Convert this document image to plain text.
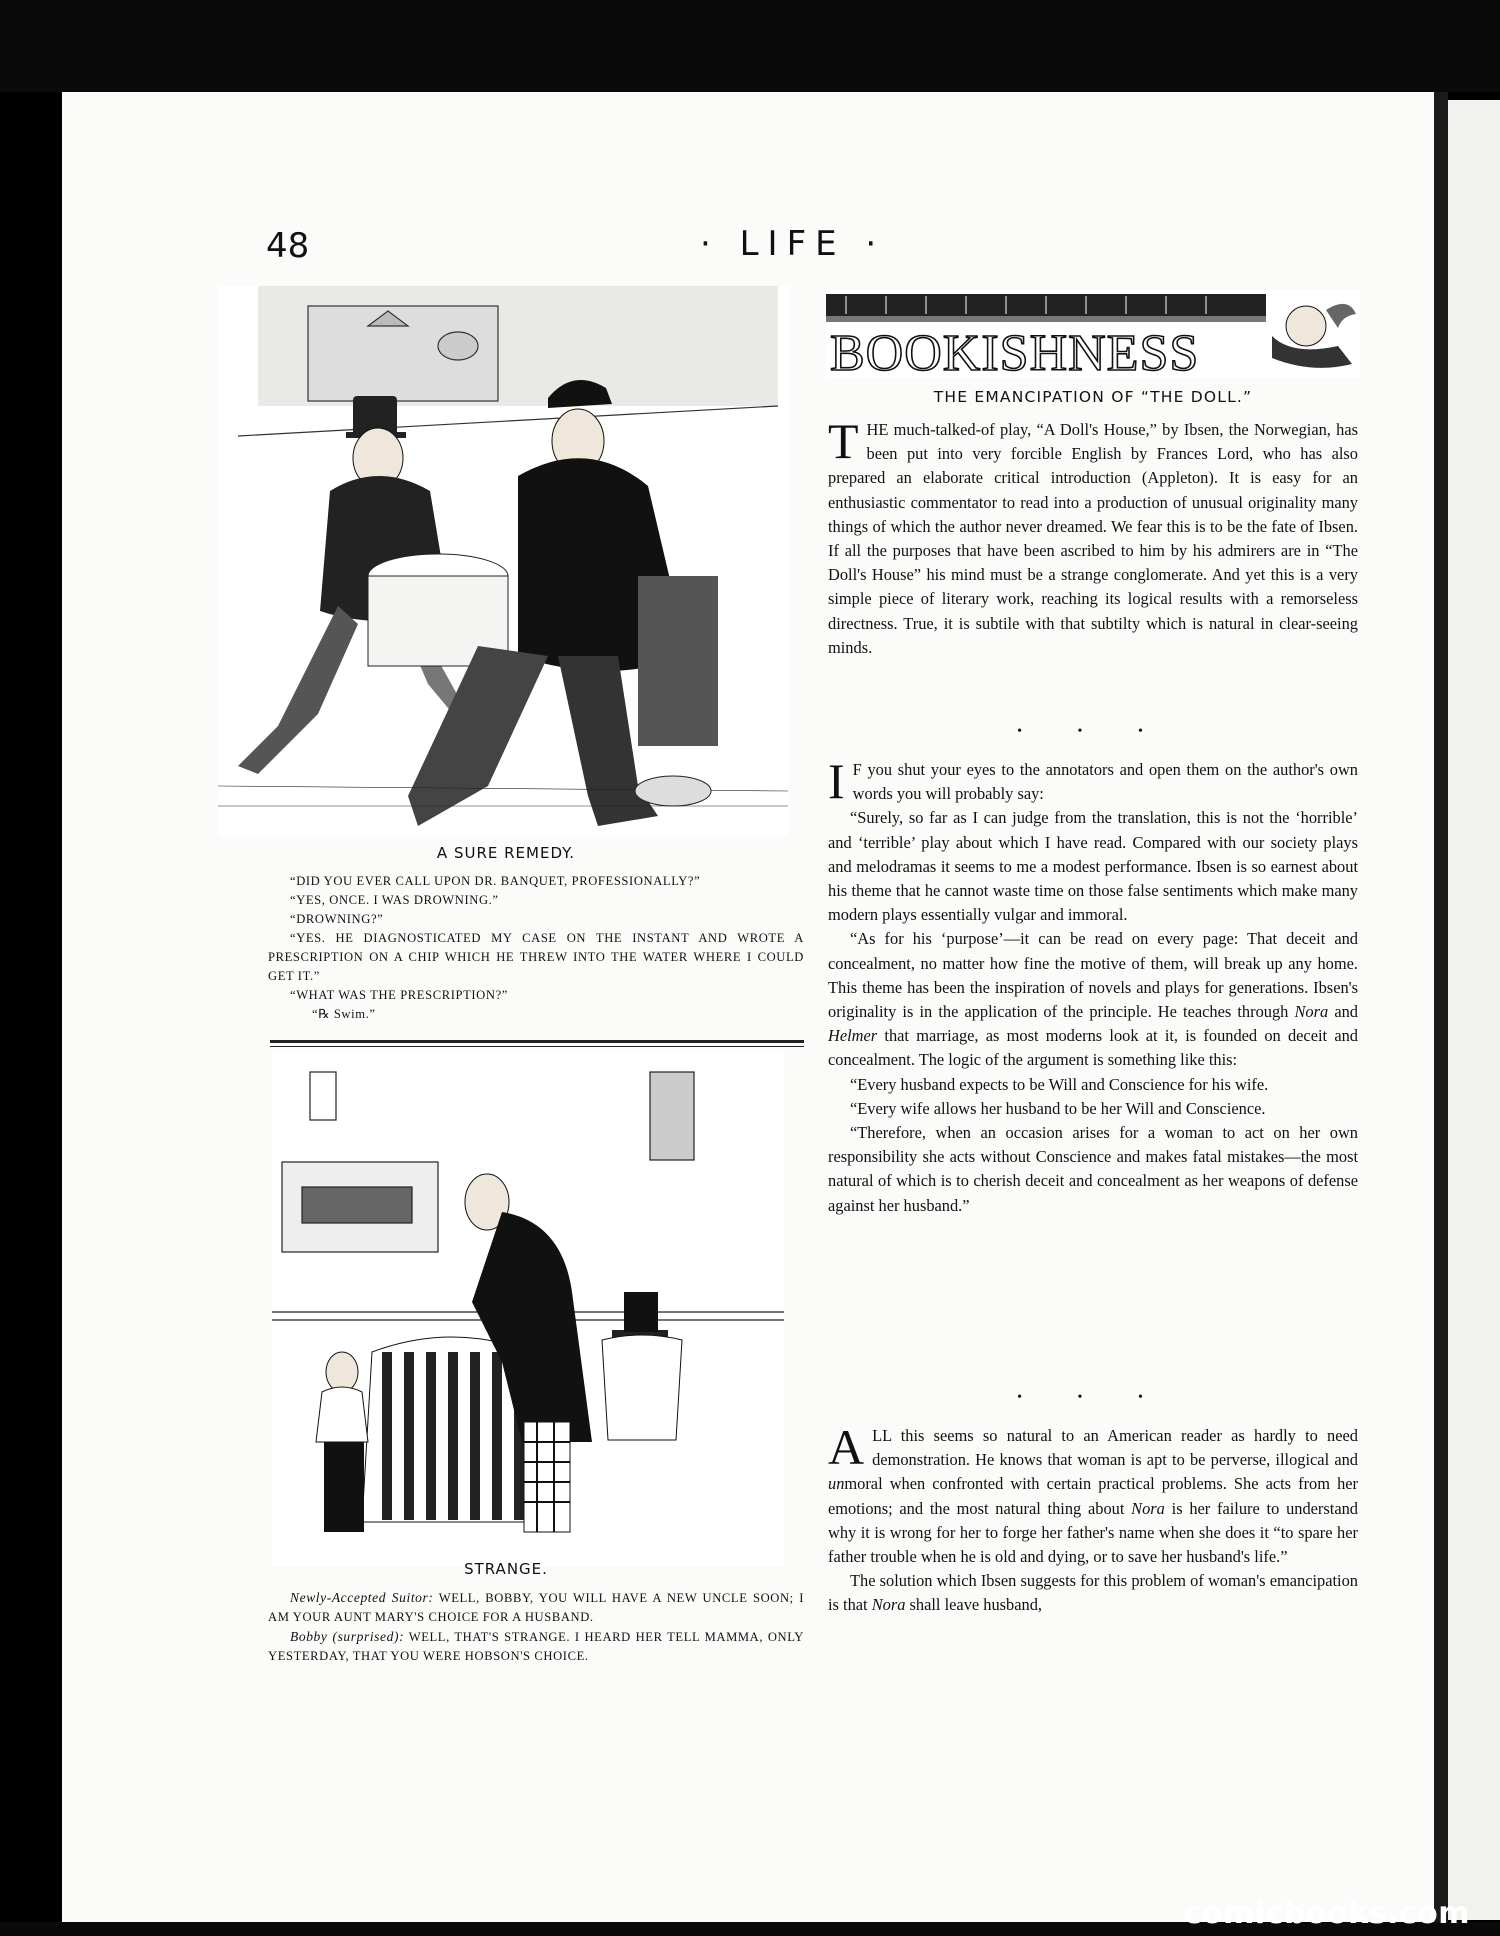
comicbooks.com
48	· LIFE ·
A SURE REMEDY.

“DID YOU EVER CALL UPON DR. BANQUET, PROFESSIONALLY?”

“YES, ONCE. I WAS DROWNING.”

“DROWNING?”

“YES. HE DIAGNOSTICATED MY CASE ON THE INSTANT AND WROTE A PRESCRIPTION ON A CHIP WHICH HE THREW INTO THE WATER WHERE I COULD GET IT.”

“WHAT WAS THE PRESCRIPTION?”

“℞ Swim.”

STRANGE.

Newly-Accepted Suitor: WELL, BOBBY, YOU WILL HAVE A NEW UNCLE SOON; I AM YOUR AUNT MARY'S CHOICE FOR A HUSBAND.

Bobby (surprised): WELL, THAT'S STRANGE. I HEARD HER TELL MAMMA, ONLY YESTERDAY, THAT YOU WERE HOBSON'S CHOICE.

BOOKISHNESS
THE EMANCIPATION OF “THE DOLL.”

THE much-talked-of play, “A Doll's House,” by Ibsen, the Norwegian, has been put into very forcible English by Frances Lord, who has also prepared an elaborate critical introduction (Appleton). It is easy for an enthusiastic commentator to read into a production of unusual originality many things of which the author never dreamed. We fear this is to be the fate of Ibsen. If all the purposes that have been ascribed to him by his admirers are in “The Doll's House” his mind must be a strange conglomerate. And yet this is a very simple piece of literary work, reaching its logical results with a remorseless directness. True, it is subtile with that subtilty which is natural in clear-seeing minds.

• • •

I F you shut your eyes to the annotators and open them on the author's own words you will probably say:

“Surely, so far as I can judge from the translation, this is not the ‘horrible’ and ‘terrible’ play about which I have read. Compared with our society plays and melodramas it seems to me a modest performance. Ibsen is so earnest about his theme that he cannot waste time on those false sentiments which make many modern plays essentially vulgar and immoral.

“As for his ‘purpose’—it can be read on every page: That deceit and concealment, no matter how fine the motive of them, will break up any home. This theme has been the inspiration of novels and plays for generations. Ibsen's originality is in the application of the principle. He teaches through Nora and Helmer that marriage, as most moderns look at it, is founded on deceit and concealment. The logic of the argument is something like this:

“Every husband expects to be Will and Conscience for his wife.

“Every wife allows her husband to be her Will and Conscience.

“Therefore, when an occasion arises for a woman to act on her own responsibility she acts without Conscience and makes fatal mistakes—the most natural of which is to cherish deceit and concealment as her weapons of defense against her husband.”

• • •

ALL this seems so natural to an American reader as hardly to need demonstration. He knows that woman is apt to be perverse, illogical and unmoral when confronted with certain practical problems. She acts from her emotions; and the most natural thing about Nora is her failure to understand why it is wrong for her to forge her father's name when she does it “to spare her father trouble when he is old and dying, or to save her husband's life.”

The solution which Ibsen suggests for this problem of woman's emancipation is that Nora shall leave husband,
